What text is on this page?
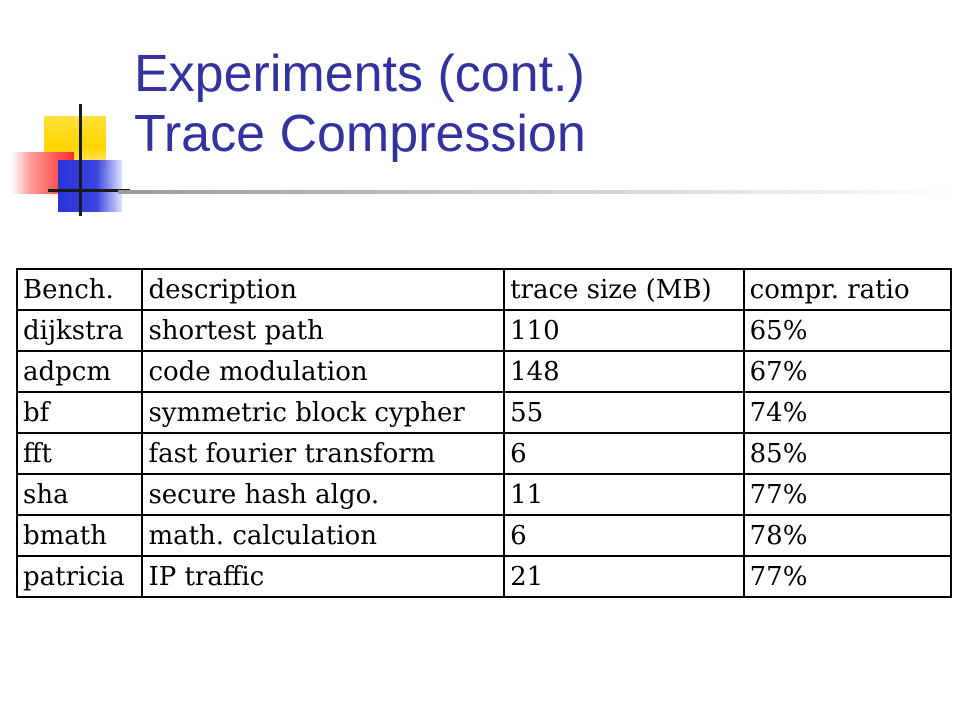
Experiments (cont.)
Trace Compression
Bench.	description	trace size (MB)	compr. ratio
dijkstra	shortest path	110	65%
adpcm	code modulation	148	67%
bf	symmetric block cypher	55	74%
fft	fast fourier transform	6	85%
sha	secure hash algo.	11	77%
bmath	math. calculation	6	78%
patricia	IP traffic	21	77%
